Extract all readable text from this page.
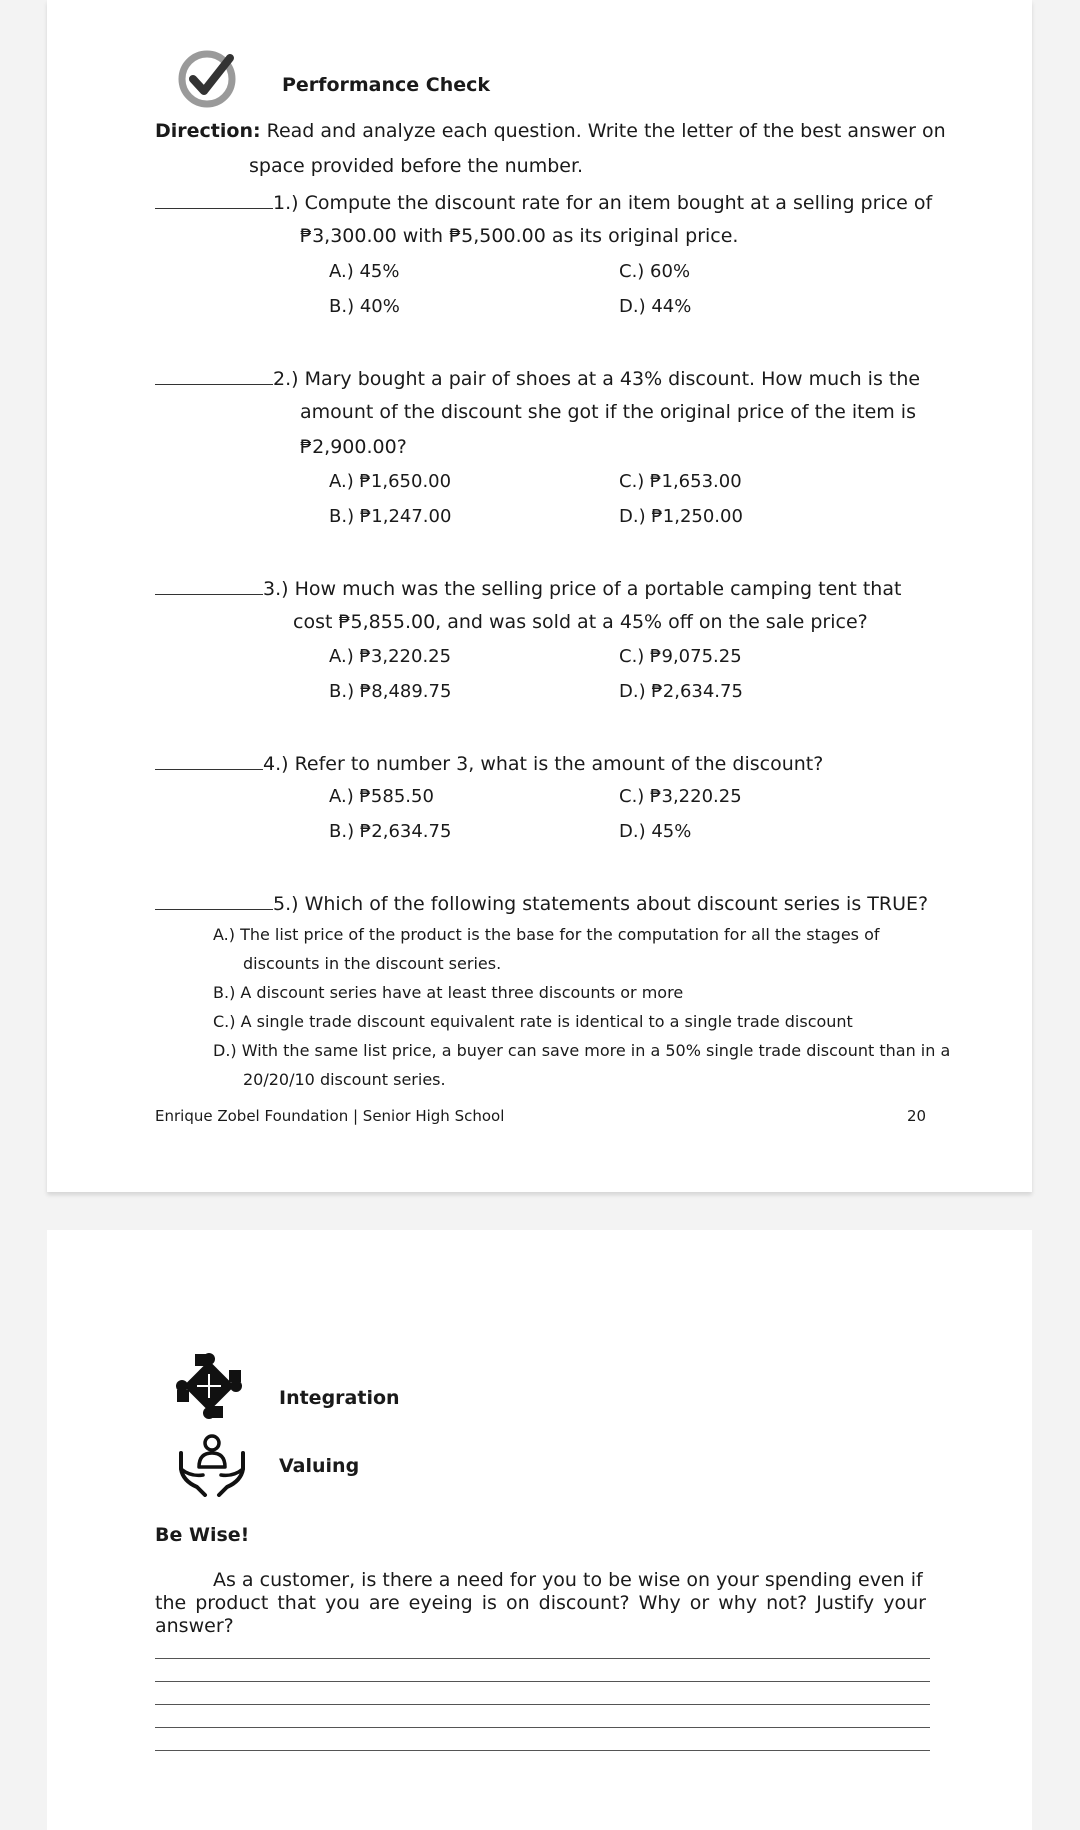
Performance Check
Direction: Read and analyze each question. Write the letter of the best answer on
space provided before the number.
1.) Compute the discount rate for an item bought at a selling price of
₱3,300.00 with ₱5,500.00 as its original price.
A.) 45%	C.) 60%
B.) 40%	D.) 44%
2.) Mary bought a pair of shoes at a 43% discount. How much is the
amount of the discount she got if the original price of the item is
₱2,900.00?
A.) ₱1,650.00	C.) ₱1,653.00
B.) ₱1,247.00	D.) ₱1,250.00
3.) How much was the selling price of a portable camping tent that
cost ₱5,855.00, and was sold at a 45% off on the sale price?
A.) ₱3,220.25	C.) ₱9,075.25
B.) ₱8,489.75	D.) ₱2,634.75
4.) Refer to number 3, what is the amount of the discount?
A.) ₱585.50	C.) ₱3,220.25
B.) ₱2,634.75	D.) 45%
5.) Which of the following statements about discount series is TRUE?
A.) The list price of the product is the base for the computation for all the stages of
discounts in the discount series.
B.) A discount series have at least three discounts or more
C.) A single trade discount equivalent rate is identical to a single trade discount
D.) With the same list price, a buyer can save more in a 50% single trade discount than in a
20/20/10 discount series.
Enrique Zobel Foundation | Senior High School	20
Integration
Valuing
Be Wise!
As a customer, is there a need for you to be wise on your spending even if
the product that you are eyeing is on discount? Why or why not? Justify your
answer?
